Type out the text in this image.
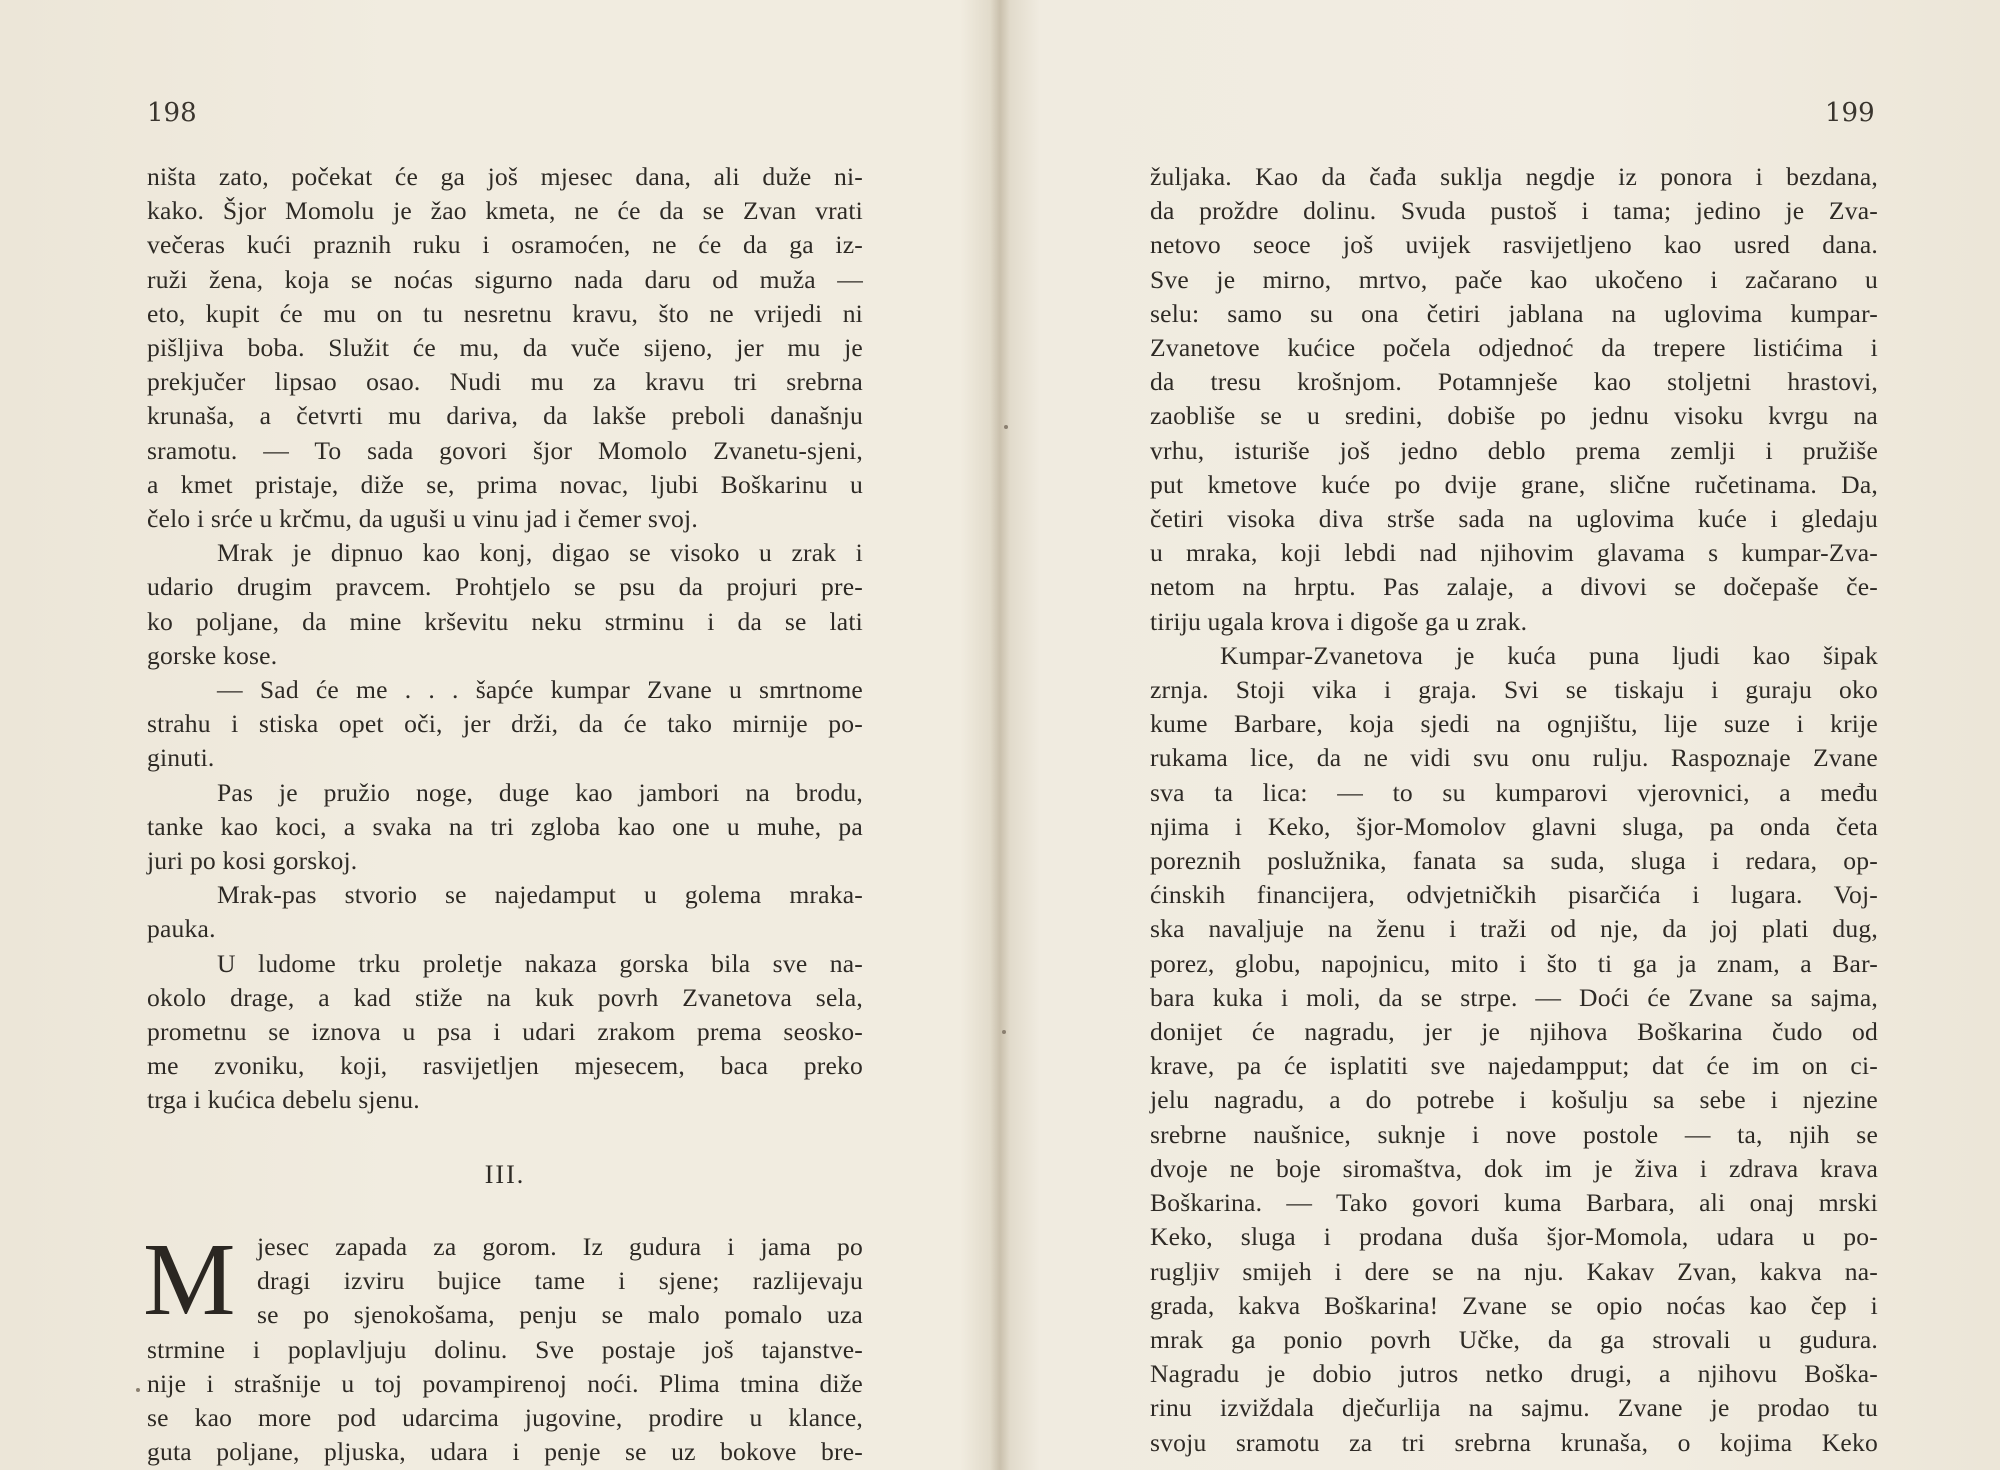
198
ništa zato, počekat će ga još mjesec dana, ali duže ni-
kako. Šjor Momolu je žao kmeta, ne će da se Zvan vrati
večeras kući praznih ruku i osramoćen, ne će da ga iz-
ruži žena, koja se noćas sigurno nada daru od muža —
eto, kupit će mu on tu nesretnu kravu, što ne vrijedi ni
pišljiva boba. Služit će mu, da vuče sijeno, jer mu je
prekjučer lipsao osao. Nudi mu za kravu tri srebrna
krunaša, a četvrti mu dariva, da lakše preboli današnju
sramotu. — To sada govori šjor Momolo Zvanetu-sjeni,
a kmet pristaje, diže se, prima novac, ljubi Boškarinu u
čelo i srće u krčmu, da uguši u vinu jad i čemer svoj.
Mrak je dipnuo kao konj, digao se visoko u zrak i
udario drugim pravcem. Prohtjelo se psu da projuri pre-
ko poljane, da mine krševitu neku strminu i da se lati
gorske kose.
— Sad će me . . . šapće kumpar Zvane u smrtnome
strahu i stiska opet oči, jer drži, da će tako mirnije po-
ginuti.
Pas je pružio noge, duge kao jambori na brodu,
tanke kao koci, a svaka na tri zgloba kao one u muhe, pa
juri po kosi gorskoj.
Mrak-pas stvorio se najedamput u golema mraka-
pauka.
U ludome trku proletje nakaza gorska bila sve na-
okolo drage, a kad stiže na kuk povrh Zvanetova sela,
prometnu se iznova u psa i udari zrakom prema seosko-
me zvoniku, koji, rasvijetljen mjesecem, baca preko
trga i kućica debelu sjenu.
III.
M jesec zapada za gorom. Iz gudura i jama po
dragi izviru bujice tame i sjene; razlijevaju
se po sjenokošama, penju se malo pomalo uza
strmine i poplavljuju dolinu. Sve postaje još tajanstve-
nije i strašnije u toj povampirenoj noći. Plima tmina diže
se kao more pod udarcima jugovine, prodire u klance,
guta poljane, pljuska, udara i penje se uz bokove bre-
199
žuljaka. Kao da čađa suklja negdje iz ponora i bezdana,
da proždre dolinu. Svuda pustoš i tama; jedino je Zva-
netovo seoce još uvijek rasvijetljeno kao usred dana.
Sve je mirno, mrtvo, pače kao ukočeno i začarano u
selu: samo su ona četiri jablana na uglovima kumpar-
Zvanetove kućice počela odjednoć da trepere listićima i
da tresu krošnjom. Potamnješe kao stoljetni hrastovi,
zaobliše se u sredini, dobiše po jednu visoku kvrgu na
vrhu, isturiše još jedno deblo prema zemlji i pružiše
put kmetove kuće po dvije grane, slične ručetinama. Da,
četiri visoka diva strše sada na uglovima kuće i gledaju
u mraka, koji lebdi nad njihovim glavama s kumpar-Zva-
netom na hrptu. Pas zalaje, a divovi se dočepaše če-
tiriju ugala krova i digoše ga u zrak.
Kumpar-Zvanetova je kuća puna ljudi kao šipak
zrnja. Stoji vika i graja. Svi se tiskaju i guraju oko
kume Barbare, koja sjedi na ognjištu, lije suze i krije
rukama lice, da ne vidi svu onu rulju. Raspoznaje Zvane
sva ta lica: — to su kumparovi vjerovnici, a među
njima i Keko, šjor-Momolov glavni sluga, pa onda četa
poreznih poslužnika, fanata sa suda, sluga i redara, op-
ćinskih financijera, odvjetničkih pisarčića i lugara. Voj-
ska navaljuje na ženu i traži od nje, da joj plati dug,
porez, globu, napojnicu, mito i što ti ga ja znam, a Bar-
bara kuka i moli, da se strpe. — Doći će Zvane sa sajma,
donijet će nagradu, jer je njihova Boškarina čudo od
krave, pa će isplatiti sve najedampput; dat će im on ci-
jelu nagradu, a do potrebe i košulju sa sebe i njezine
srebrne naušnice, suknje i nove postole — ta, njih se
dvoje ne boje siromaštva, dok im je živa i zdrava krava
Boškarina. — Tako govori kuma Barbara, ali onaj mrski
Keko, sluga i prodana duša šjor-Momola, udara u po-
rugljiv smijeh i dere se na nju. Kakav Zvan, kakva na-
grada, kakva Boškarina! Zvane se opio noćas kao čep i
mrak ga ponio povrh Učke, da ga strovali u gudura.
Nagradu je dobio jutros netko drugi, a njihovu Boška-
rinu izviždala dječurlija na sajmu. Zvane je prodao tu
svoju sramotu za tri srebrna krunaša, o kojima Keko
